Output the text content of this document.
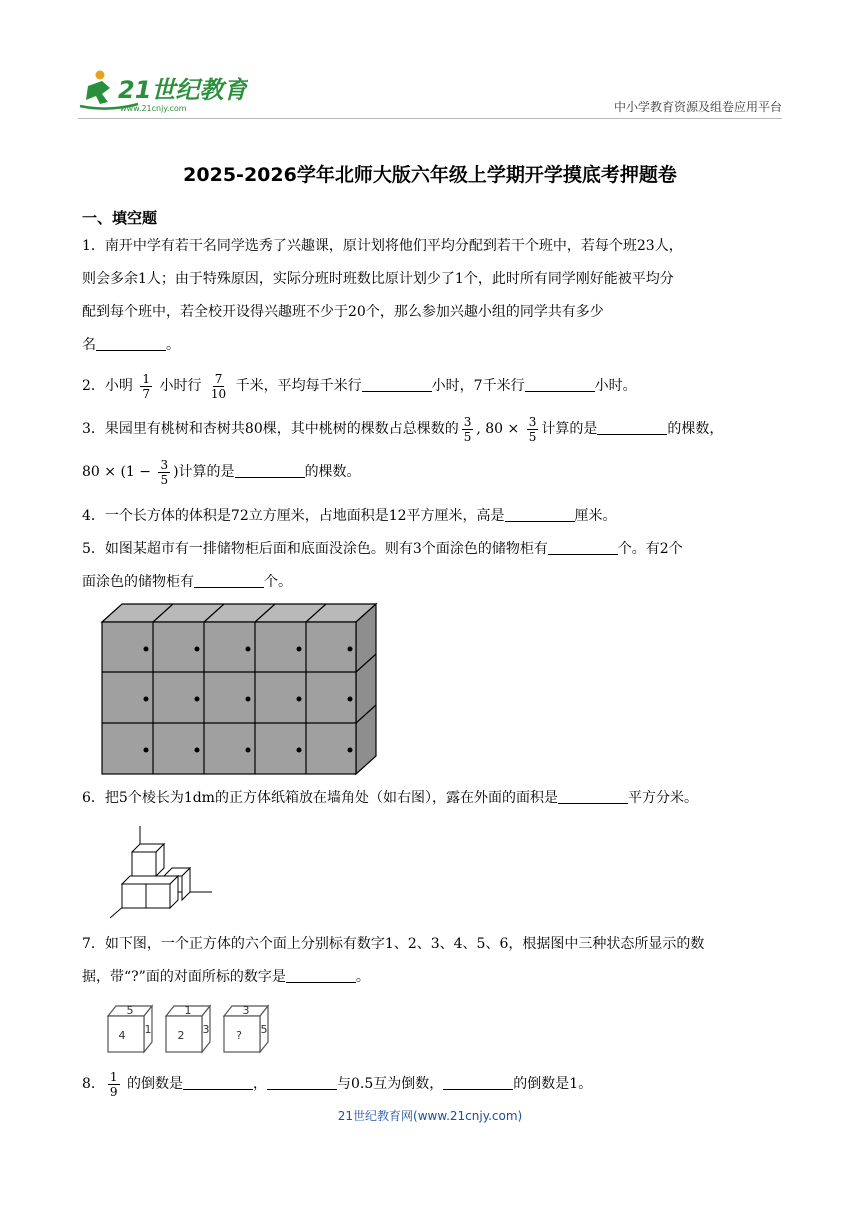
21世纪教育
www.21cnjy.com	中小学教育资源及组卷应用平台
2025-2026学年北师大版六年级上学期开学摸底考押题卷
一、填空题
1．南开中学有若干名同学选秀了兴趣课，原计划将他们平均分配到若干个班中，若每个班23人，
则会多余1人；由于特殊原因，实际分班时班数比原计划少了1个，此时所有同学刚好能被平均分
配到每个班中，若全校开设得兴趣班不少于20个，那么参加兴趣小组的同学共有多少
名	。
2．小明 $\frac{1}{7}$ 小时行 $\frac{7}{10}$ 千米，平均每千米行	小时，7千米行	小时。
3．果园里有桃树和杏树共80棵，其中桃树的棵数占总棵数的 $\frac{3}{5}$ , $80 \times \frac{3}{5}$ 计算的是	的棵数，
$80 \times (1 - \frac{3}{5}$ )计算的是	的棵数。
4．一个长方体的体积是72立方厘米，占地面积是12平方厘米，高是	厘米。
5．如图某超市有一排储物柜后面和底面没涂色。则有3个面涂色的储物柜有	个。有2个
面涂色的储物柜有	个。
6．把5个棱长为1dm的正方体纸箱放在墙角处（如右图），露在外面的面积是	平方分米。
7．如下图，一个正方体的六个面上分别标有数字1、2、3、4、5、6，根据图中三种状态所显示的数
据，带“?”面的对面所标的数字是	。
5
4 1
1
2 3
3
? 5
8． $\frac{1}{9}$ 的倒数是	，	与0.5互为倒数，	的倒数是1。
21世纪教育网(www.21cnjy.com)
